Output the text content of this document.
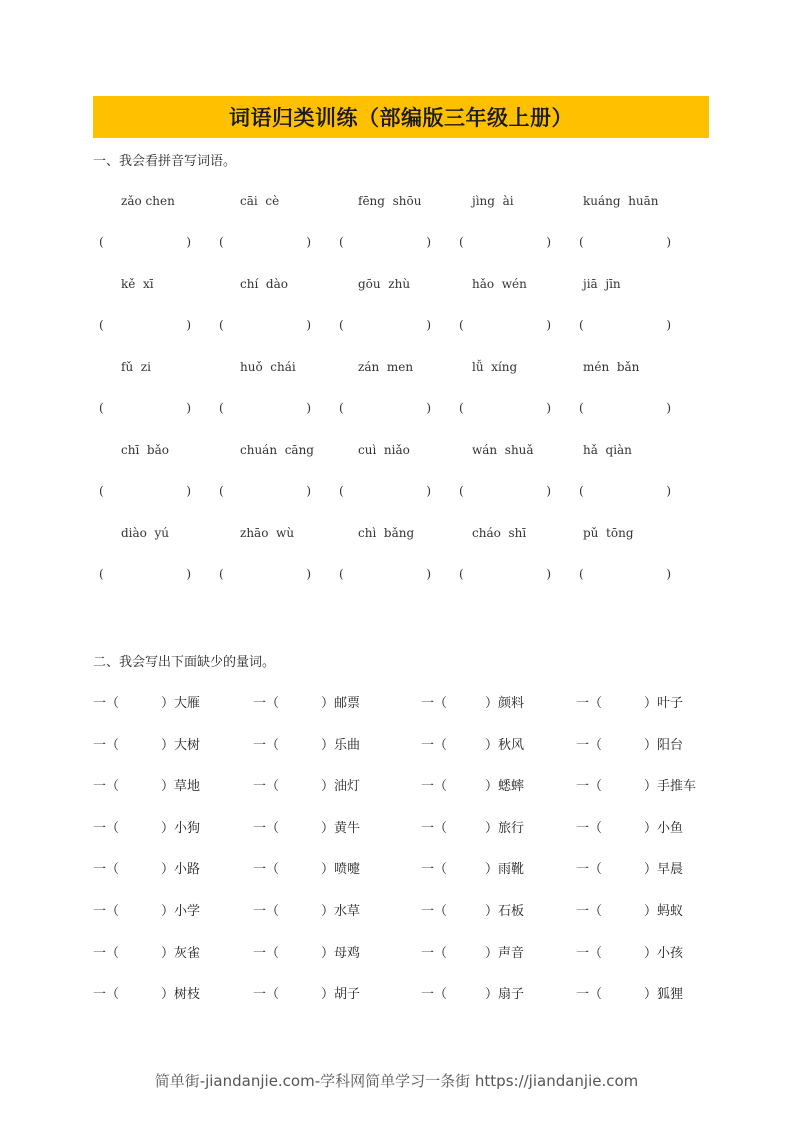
词语归类训练（部编版三年级上册）
一、我会看拼音写词语。
zǎo chen	cāi  cè	fēng  shōu	jìng  ài	kuáng  huān
(	) (	) (	) (	) (	)
kě  xī	chí  dào	gōu  zhù	hǎo  wén	jiā  jīn
(	) (	) (	) (	) (	)
fǔ  zi	huǒ  chái	zán  men	lǚ  xíng	mén  bǎn
(	) (	) (	) (	) (	)
chī  bǎo	chuán  cāng	cuì  niǎo	wán  shuǎ	hǎ  qiàn
(	) (	) (	) (	) (	)
diào  yú	zhāo  wù	chì  bǎng	cháo  shī	pǔ  tōng
(	) (	) (	) (	) (	)
二、我会写出下面缺少的量词。
一（	）大雁	一（	）邮票	一（	）颜料	一（	）叶子
一（	）大树	一（	）乐曲	一（	）秋风	一（	）阳台
一（	）草地	一（	）油灯	一（	）蟋蟀	一（	）手推车
一（	）小狗	一（	）黄牛	一（	）旅行	一（	）小鱼
一（	）小路	一（	）喷嚏	一（	）雨靴	一（	）早晨
一（	）小学	一（	）水草	一（	）石板	一（	）蚂蚁
一（	）灰雀	一（	）母鸡	一（	）声音	一（	）小孩
一（	）树枝	一（	）胡子	一（	）扇子	一（	）狐狸
简单街-jiandanjie.com-学科网简单学习一条街 https://jiandanjie.com
